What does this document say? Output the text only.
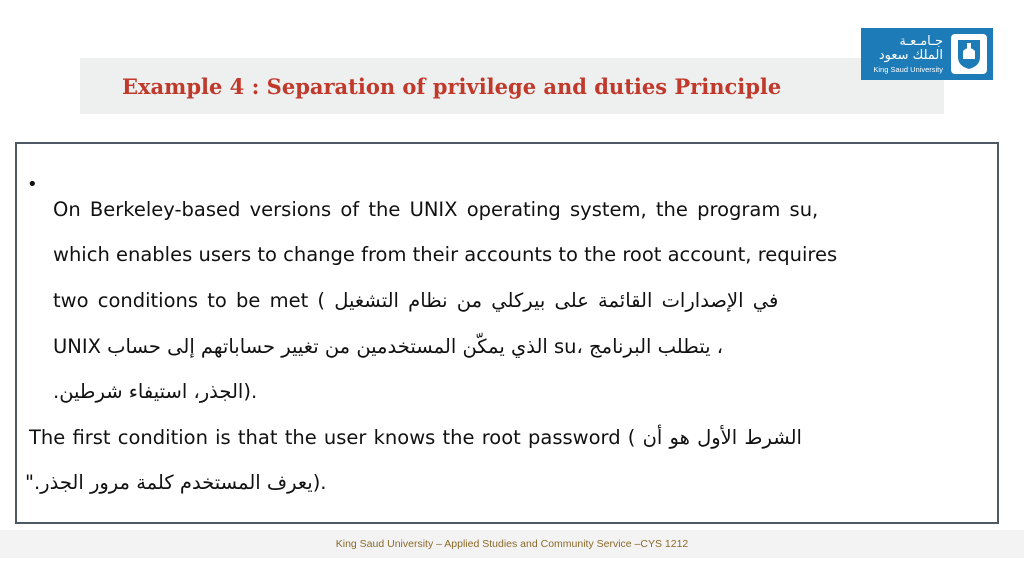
Example 4 : Separation of privilege and duties Principle
جـامـعـة
الملك سعود
King Saud University
•
On Berkeley-based versions of the UNIX operating system, the program su,
which enables users to change from their accounts to the root account, requires
two conditions to be met ( في الإصدارات القائمة على بيركلي من نظام التشغيل
UNIX الذي يمكّن المستخدمين من تغيير حساباتهم إلى حساب su، يتطلب البرنامج ،
.الجذر، استيفاء شرطين).
The first condition is that the user knows the root password ( الشرط الأول هو أن
".يعرف المستخدم كلمة مرور الجذر).
King Saud University – Applied Studies and Community Service –CYS 1212
